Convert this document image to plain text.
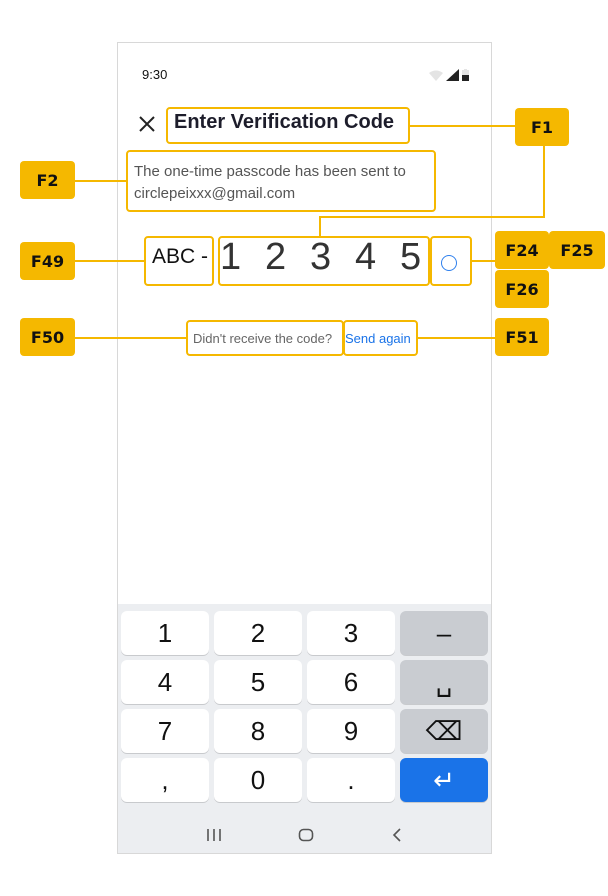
9:30
Enter Verification Code
The one-time passcode has been sent to circlepeixxx@gmail.com
ABC - 1 2 3 4 5
Didn't receive the code? Send again
1	2	3	–
4	5	6	␣
7	8	9	⌫
,	0	.	↵
F1
F2
F49
F24	F25
F26
F50	F51
